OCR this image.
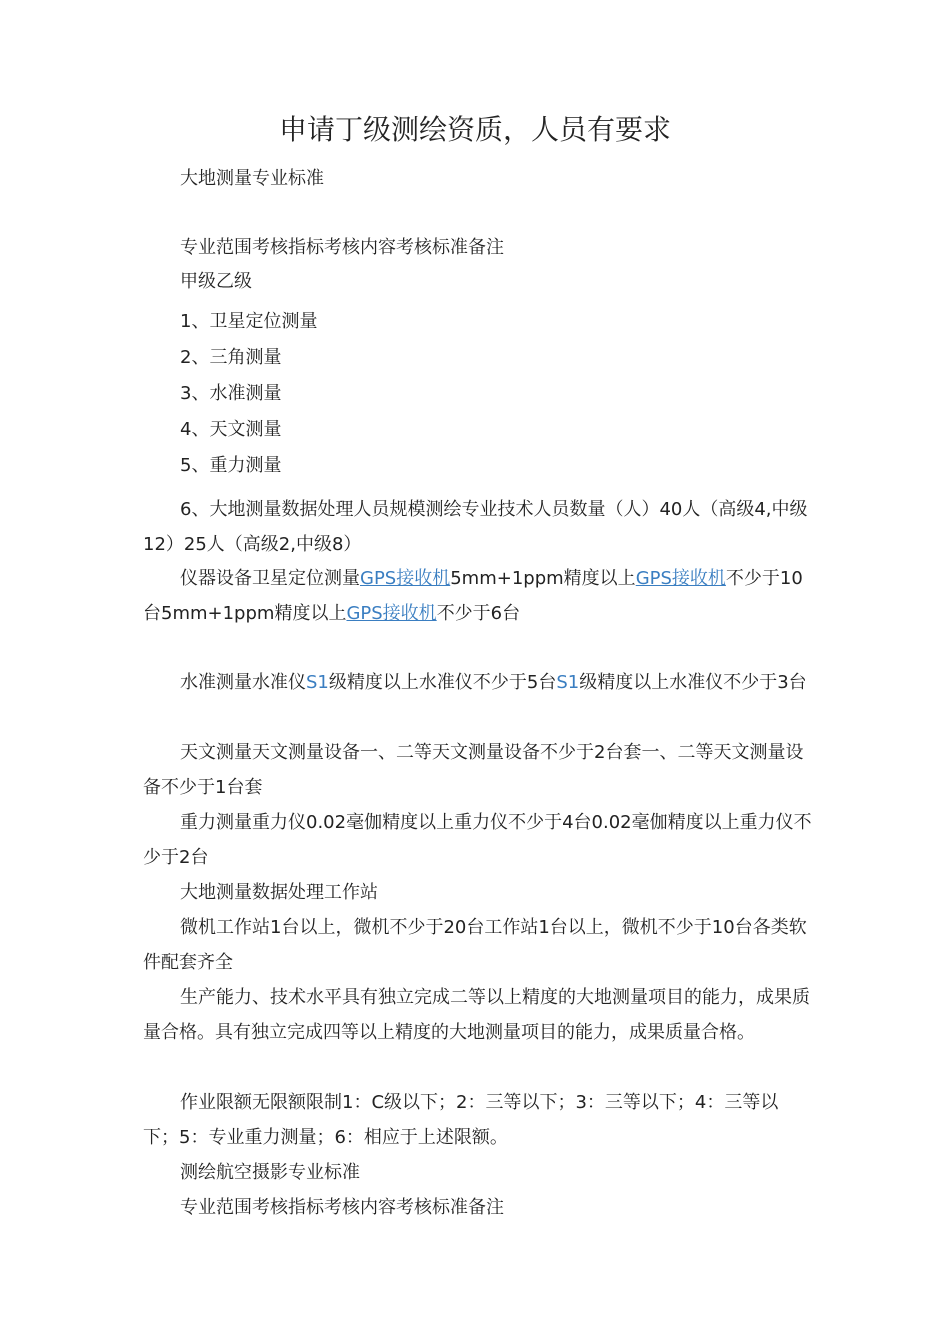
申请丁级测绘资质，人员有要求
大地测量专业标准
专业范围考核指标考核内容考核标准备注
甲级乙级
1、卫星定位测量
2、三角测量
3、水准测量
4、天文测量
5、重力测量
6、大地测量数据处理人员规模测绘专业技术人员数量（人）40人（高级4,中级12）25人（高级2,中级8）
仪器设备卫星定位测量GPS接收机5mm+1ppm精度以上GPS接收机不少于10台5mm+1ppm精度以上GPS接收机不少于6台
水准测量水准仪S1级精度以上水准仪不少于5台S1级精度以上水准仪不少于3台
天文测量天文测量设备一、二等天文测量设备不少于2台套一、二等天文测量设备不少于1台套
重力测量重力仪0.02毫伽精度以上重力仪不少于4台0.02毫伽精度以上重力仪不少于2台
大地测量数据处理工作站
微机工作站1台以上，微机不少于20台工作站1台以上，微机不少于10台各类软件配套齐全
生产能力、技术水平具有独立完成二等以上精度的大地测量项目的能力，成果质量合格。具有独立完成四等以上精度的大地测量项目的能力，成果质量合格。
作业限额无限额限制1：C级以下；2：三等以下；3：三等以下；4：三等以下；5：专业重力测量；6：相应于上述限额。
测绘航空摄影专业标准
专业范围考核指标考核内容考核标准备注
